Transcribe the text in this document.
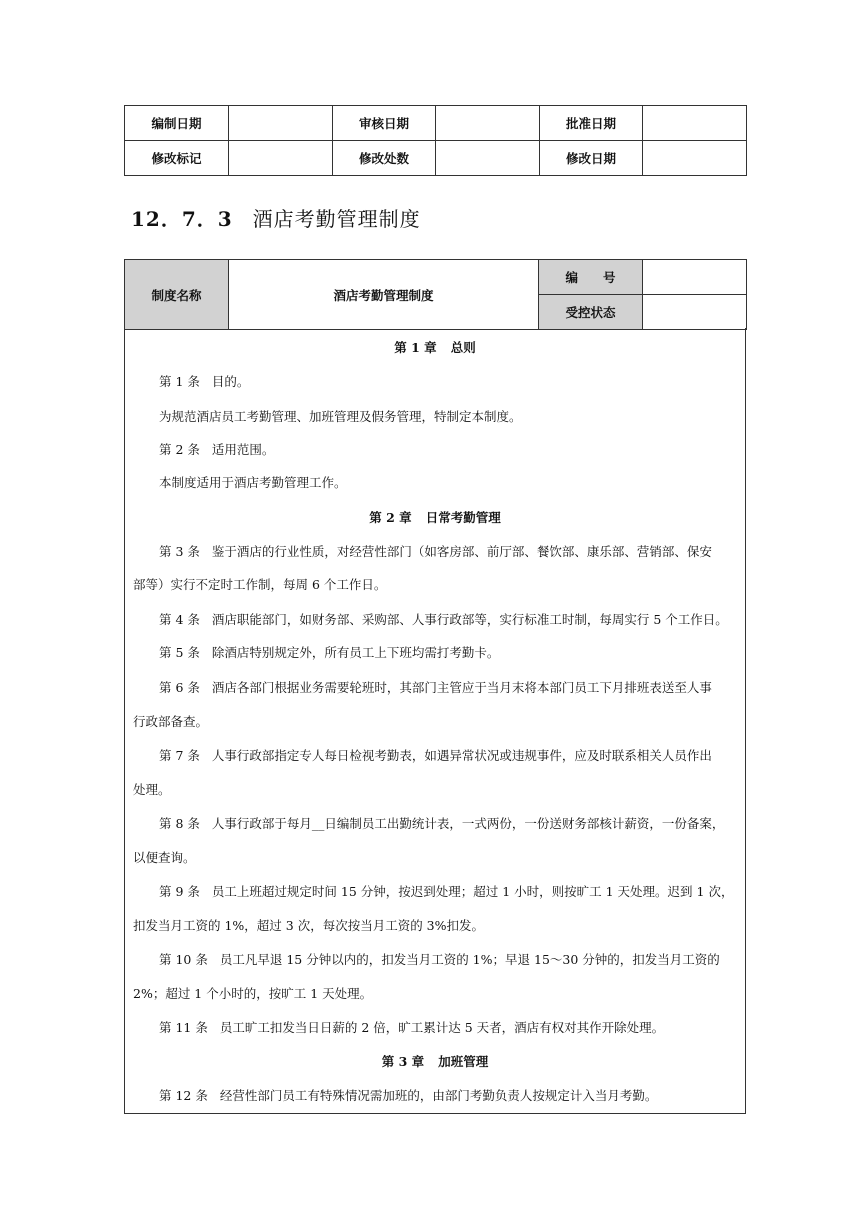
编制日期		审核日期		批准日期	
修改标记		修改处数		修改日期	
12．7．3 酒店考勤管理制度
制度名称	酒店考勤管理制度	编　　号	
		受控状态	
第 1 章 总则
第 1 条 目的。
为规范酒店员工考勤管理、加班管理及假务管理，特制定本制度。
第 2 条 适用范围。
本制度适用于酒店考勤管理工作。
第 2 章 日常考勤管理
第 3 条 鉴于酒店的行业性质，对经营性部门（如客房部、前厅部、餐饮部、康乐部、营销部、保安
部等）实行不定时工作制，每周 6 个工作日。
第 4 条 酒店职能部门，如财务部、采购部、人事行政部等，实行标准工时制，每周实行 5 个工作日。
第 5 条 除酒店特别规定外，所有员工上下班均需打考勤卡。
第 6 条 酒店各部门根据业务需要轮班时，其部门主管应于当月末将本部门员工下月排班表送至人事
行政部备查。
第 7 条 人事行政部指定专人每日检视考勤表，如遇异常状况或违规事件，应及时联系相关人员作出
处理。
第 8 条 人事行政部于每月__日编制员工出勤统计表，一式两份，一份送财务部核计薪资，一份备案，
以便查询。
第 9 条 员工上班超过规定时间 15 分钟，按迟到处理；超过 1 小时，则按旷工 1 天处理。迟到 1 次，
扣发当月工资的 1%，超过 3 次，每次按当月工资的 3%扣发。
第 10 条 员工凡早退 15 分钟以内的，扣发当月工资的 1%；早退 15～30 分钟的，扣发当月工资的
2%；超过 1 个小时的，按旷工 1 天处理。
第 11 条 员工旷工扣发当日日薪的 2 倍，旷工累计达 5 天者，酒店有权对其作开除处理。
第 3 章 加班管理
第 12 条 经营性部门员工有特殊情况需加班的，由部门考勤负责人按规定计入当月考勤。
